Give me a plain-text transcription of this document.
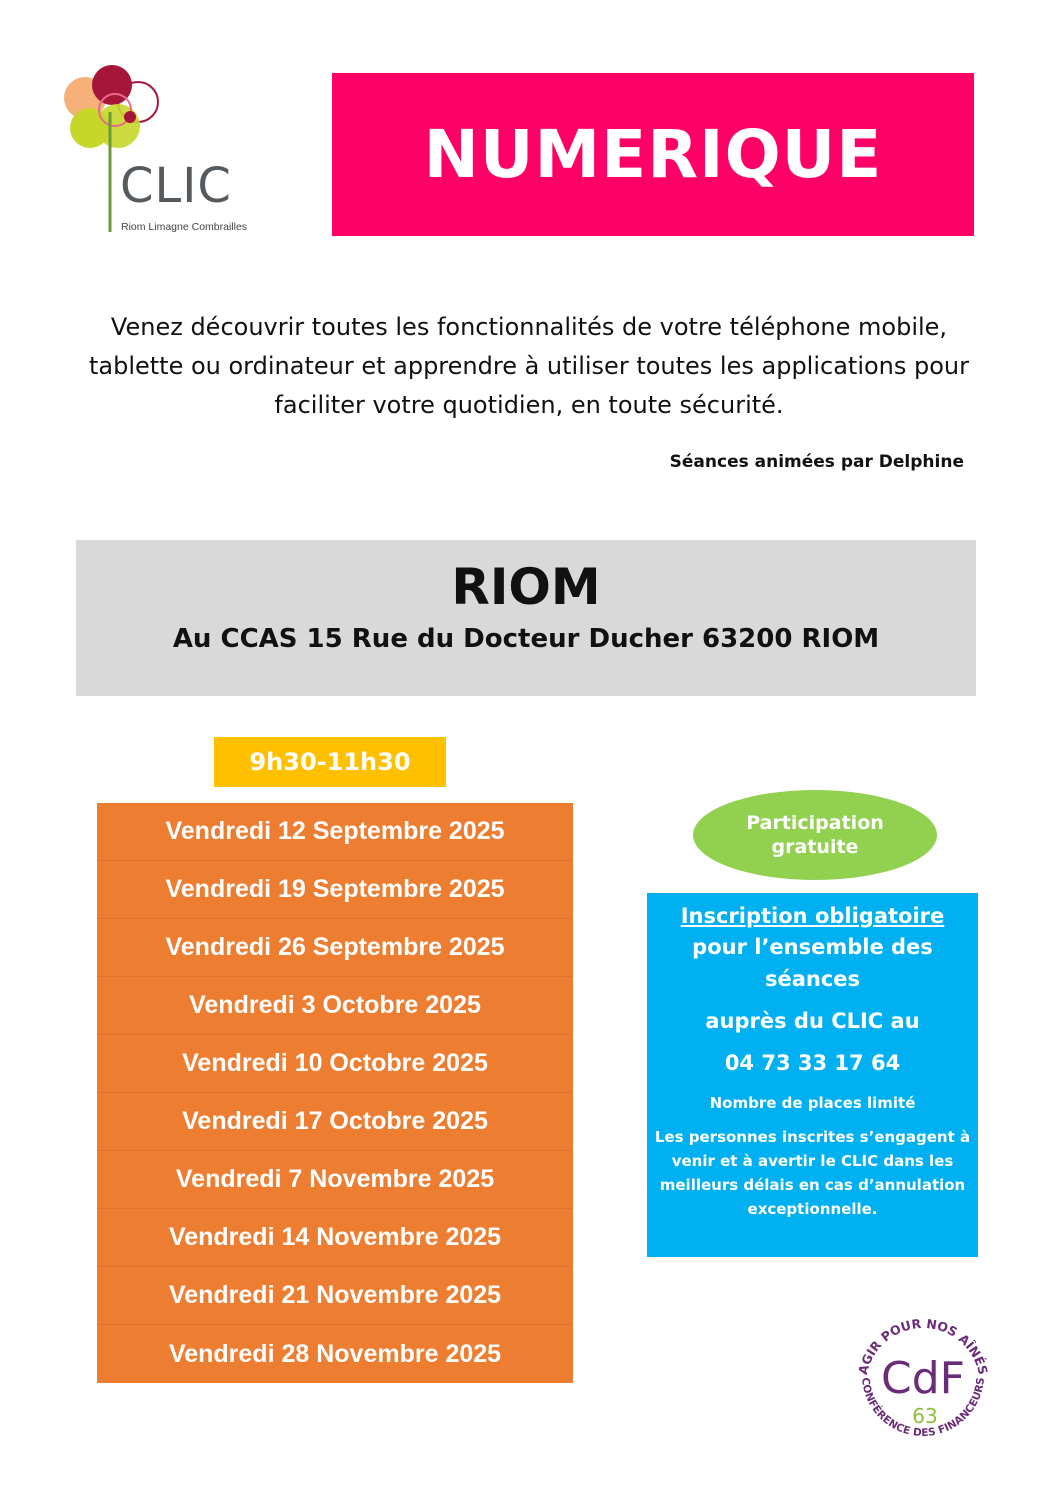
CLIC
Riom Limagne Combrailles
NUMERIQUE

Venez découvrir toutes les fonctionnalités de votre téléphone mobile, tablette ou ordinateur et apprendre à utiliser toutes les applications pour faciliter votre quotidien, en toute sécurité.

Séances animées par Delphine
RIOM
Au CCAS 15 Rue du Docteur Ducher 63200 RIOM
9h30-11h30
Vendredi 12 Septembre 2025
Vendredi 19 Septembre 2025
Vendredi 26 Septembre 2025
Vendredi 3 Octobre 2025
Vendredi 10 Octobre 2025
Vendredi 17 Octobre 2025
Vendredi 7 Novembre 2025
Vendredi 14 Novembre 2025
Vendredi 21 Novembre 2025
Vendredi 28 Novembre 2025
Participation
gratuite
Inscription obligatoire
pour l’ensemble des séances
auprès du CLIC au
04 73 33 17 64
Nombre de places limité
Les personnes inscrites s’engagent à venir et à avertir le CLIC dans les meilleurs délais en cas d’annulation exceptionnelle.
AGIR POUR NOS AÎNÉS
CONFÉRENCE DES FINANCEURS
CdF
63
